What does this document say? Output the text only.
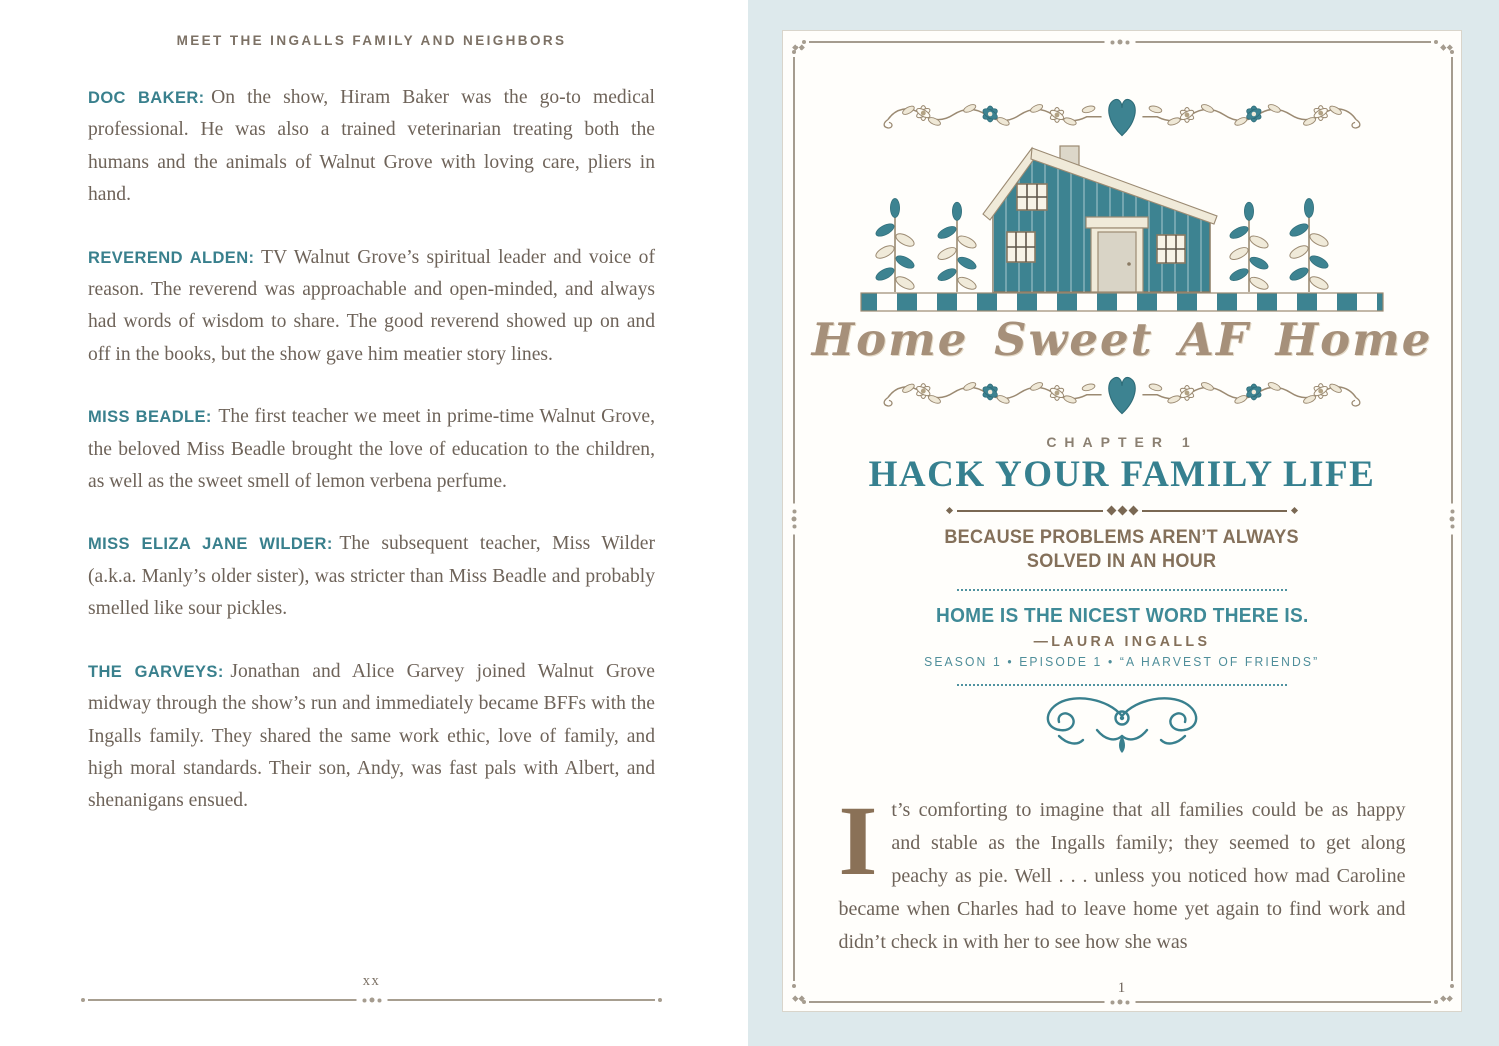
MEET THE INGALLS FAMILY AND NEIGHBORS

DOC BAKER: On the show, Hiram Baker was the go-to medical professional. He was also a trained veterinarian treating both the humans and the animals of Walnut Grove with loving care, pliers in hand.

REVEREND ALDEN: TV Walnut Grove’s spiritual leader and voice of reason. The reverend was approachable and open-minded, and always had words of wisdom to share. The good reverend showed up on and off in the books, but the show gave him meatier story lines.

MISS BEADLE: The first teacher we meet in prime-time Walnut Grove, the beloved Miss Beadle brought the love of education to the children, as well as the sweet smell of lemon verbena perfume.

MISS ELIZA JANE WILDER: The subsequent teacher, Miss Wilder (a.k.a. Manly’s older sister), was stricter than Miss Beadle and probably smelled like sour pickles.

THE GARVEYS: Jonathan and Alice Garvey joined Walnut Grove midway through the show’s run and immediately became BFFs with the Ingalls family. They shared the same work ethic, love of family, and high moral standards. Their son, Andy, was fast pals with Albert, and shenanigans ensued.

xx
Home Sweet AF Home
CHAPTER 1
HACK YOUR FAMILY LIFE
BECAUSE PROBLEMS AREN’T ALWAYS
SOLVED IN AN HOUR
HOME IS THE NICEST WORD THERE IS.
—LAURA INGALLS
SEASON 1 • EPISODE 1 • “A HARVEST OF FRIENDS”
It’s comforting to imagine that all families could be as happy and stable as the Ingalls family; they seemed to get along peachy as pie. Well . . . unless you noticed how mad Caroline became when Charles had to leave home yet again to find work and didn’t check in with her to see how she was
1
